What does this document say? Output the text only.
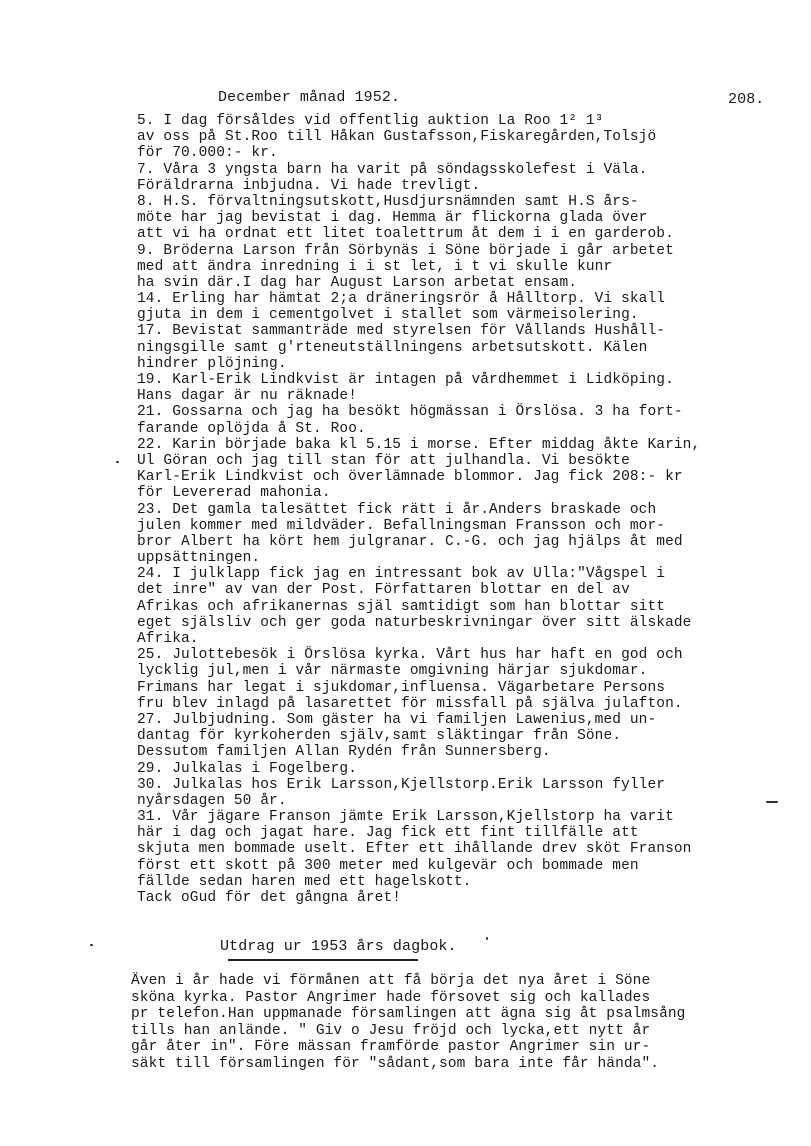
December månad 1952.	208.
5. I dag försåldes vid offentlig auktion La Roo 1² 1³
av oss på St.Roo till Håkan Gustafsson,Fiskaregården,Tolsjö
för 70.000:- kr.
7. Våra 3 yngsta barn ha varit på söndagsskolefest i Väla.
Föräldrarna inbjudna. Vi hade trevligt.
8. H.S. förvaltningsutskott,Husdjursnämnden samt H.S års-
möte har jag bevistat i dag. Hemma är flickorna glada över
att vi ha ordnat ett litet toalettrum åt dem i i en garderob.
9. Bröderna Larson från Sörbynäs i Söne började i går arbetet
med att ändra inredning i i st let, i t vi skulle kunr
ha svin där.I dag har August Larson arbetat ensam.
14. Erling har hämtat 2;a dräneringsrör å Hålltorp. Vi skall
gjuta in dem i cementgolvet i stallet som värmeisolering.
17. Bevistat sammanträde med styrelsen för Vållands Hushåll-
ningsgille samt g'rteneutställningens arbetsutskott. Kälen
hindrer plöjning.
19. Karl-Erik Lindkvist är intagen på vårdhemmet i Lidköping.
Hans dagar är nu räknade!
21. Gossarna och jag ha besökt högmässan i Örslösa. 3 ha fort-
farande oplöjda å St. Roo.
22. Karin började baka kl 5.15 i morse. Efter middag åkte Karin,
Ul Göran och jag till stan för att julhandla. Vi besökte
Karl-Erik Lindkvist och överlämnade blommor. Jag fick 208:- kr
för Levererad mahonia.
23. Det gamla talesättet fick rätt i år.Anders braskade och
julen kommer med mildväder. Befallningsman Fransson och mor-
bror Albert ha kört hem julgranar. C.-G. och jag hjälps åt med
uppsättningen.
24. I julklapp fick jag en intressant bok av Ulla:"Vågspel i
det inre" av van der Post. Författaren blottar en del av
Afrikas och afrikanernas själ samtidigt som han blottar sitt
eget själsliv och ger goda naturbeskrivningar över sitt älskade
Afrika.
25. Julottebesök i Örslösa kyrka. Vårt hus har haft en god och
lycklig jul,men i vår närmaste omgivning härjar sjukdomar.
Frimans har legat i sjukdomar,influensa. Vägarbetare Persons
fru blev inlagd på lasarettet för missfall på själva julafton.
27. Julbjudning. Som gäster ha vi familjen Lawenius,med un-
dantag för kyrkoherden själv,samt släktingar från Söne.
Dessutom familjen Allan Rydén från Sunnersberg.
29. Julkalas i Fogelberg.
30. Julkalas hos Erik Larsson,Kjellstorp.Erik Larsson fyller
nyårsdagen 50 år.
31. Vår jägare Franson jämte Erik Larsson,Kjellstorp ha varit
här i dag och jagat hare. Jag fick ett fint tillfälle att
skjuta men bommade uselt. Efter ett ihållande drev sköt Franson
först ett skott på 300 meter med kulgevär och bommade men
fällde sedan haren med ett hagelskott.
Tack oGud för det gångna året!
Utdrag ur 1953 års dagbok.
Även i år hade vi förmånen att få börja det nya året i Söne
sköna kyrka. Pastor Angrimer hade försovet sig och kallades
pr telefon.Han uppmanade församlingen att ägna sig åt psalmsång
tills han anlände. " Giv o Jesu fröjd och lycka,ett nytt år
går åter in". Före mässan framförde pastor Angrimer sin ur-
säkt till församlingen för "sådant,som bara inte får hända".
